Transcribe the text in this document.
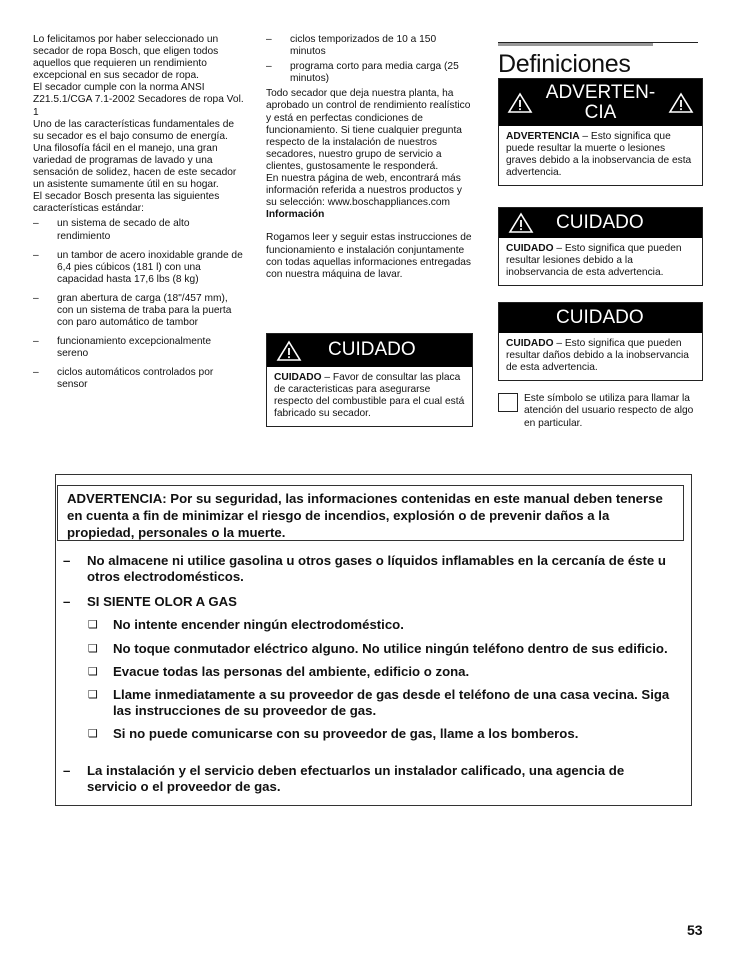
Lo felicitamos por haber seleccionado un secador de ropa Bosch, que eligen todos aquellos que requieren un rendimiento excepcional en sus secador de ropa.

El secador cumple con la norma ANSI Z21.5.1/CGA 7.1-2002 Secadores de ropa Vol. 1

Uno de las características fundamentales de su secador es el bajo consumo de energía.

Una filosofía fácil en el manejo, una gran variedad de programas de lavado y una sensación de solidez, hacen de este secador un asistente sumamente útil en su hogar.

El secador Bosch presenta las siguientes características estándar:

–	un sistema de secado de alto rendimiento
–	un tambor de acero inoxidable grande de 6,4 pies cúbicos (181 l) con una capacidad hasta 17,6 lbs (8 kg)
–	gran abertura de carga (18"/457 mm), con un sistema de traba para la puerta con paro automático de tambor
–	funcionamiento excepcionalmente sereno
–	ciclos automáticos controlados por sensor
–	ciclos temporizados de 10 a 150 minutos
–	programa corto para media carga (25 minutos)

Todo secador que deja nuestra planta, ha aprobado un control de rendimiento realístico y está en perfectas condiciones de funcionamiento. Si tiene cualquier pregunta respecto de la instalación de nuestros secadores, nuestro grupo de servicio a clientes, gustosamente le responderá.

En nuestra página de web, encontrará más información referida a nuestros productos y su selección: www.boschappliances.com

Información

Rogamos leer y seguir estas instrucciones de funcionamiento e instalación conjuntamente con todas aquellas informaciones entregadas con nuestra máquina de lavar.

CUIDADO
CUIDADO – Favor de consultar las placa de caracteristicas para asegurarse respecto del combustible para el cual está fabricado su secador.
Definiciones
ADVERTEN-
CIA
ADVERTENCIA – Esto significa que puede resultar la muerte o lesiones graves debido a la inobservancia de esta advertencia.
CUIDADO
CUIDADO – Esto significa que pueden resultar lesiones debido a la inobservancia de esta advertencia.
CUIDADO
CUIDADO – Esto significa que pueden resultar daños debido a la inobservancia de esta advertencia.
Este símbolo se utiliza para llamar la atención del usuario respecto de algo en particular.
ADVERTENCIA: Por su seguridad, las informaciones contenidas en este manual deben tenerse en cuenta a fin de minimizar el riesgo de incendios, explosión o de prevenir daños a la propiedad, personales o la muerte.
–	No almacene ni utilice gasolina u otros gases o líquidos inflamables en la cercanía de éste u otros electrodomésticos.
–	SI SIENTE OLOR A GAS
❑	No intente encender ningún electrodoméstico.
❑	No toque conmutador eléctrico alguno. No utilice ningún teléfono dentro de sus edificio.
❑	Evacue todas las personas del ambiente, edificio o zona.
❑	Llame inmediatamente a su proveedor de gas desde el teléfono de una casa vecina. Siga las instrucciones de su proveedor de gas.
❑	Si no puede comunicarse con su proveedor de gas, llame a los bomberos.
–	La instalación y el servicio deben efectuarlos un instalador calificado, una agencia de servicio o el proveedor de gas.
53
